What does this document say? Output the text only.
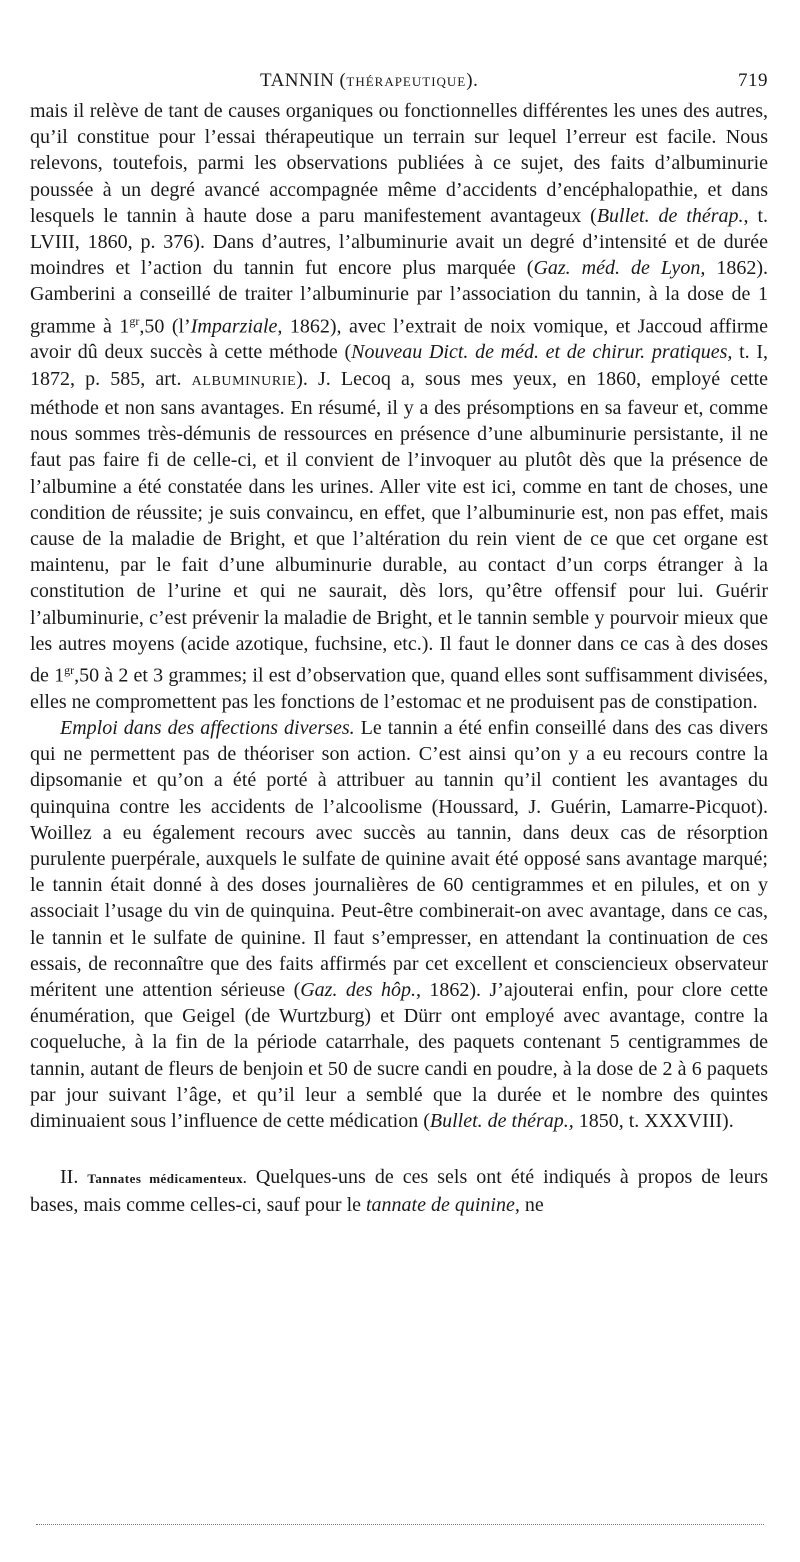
TANNIN (THÉRAPEUTIQUE).	719

mais il relève de tant de causes organiques ou fonctionnelles différentes les unes des autres, qu’il constitue pour l’essai thérapeutique un terrain sur lequel l’erreur est facile. Nous relevons, toutefois, parmi les observations publiées à ce sujet, des faits d’albuminurie poussée à un degré avancé accompagnée même d’accidents d’encéphalopathie, et dans lesquels le tannin à haute dose a paru manifestement avantageux (Bullet. de thérap., t. LVIII, 1860, p. 376). Dans d’autres, l’albuminurie avait un degré d’intensité et de durée moindres et l’action du tannin fut encore plus marquée (Gaz. méd. de Lyon, 1862). Gamberini a conseillé de traiter l’albuminurie par l’association du tannin, à la dose de 1 gramme à $1^{gr},50$ (l’Imparziale, 1862), avec l’extrait de noix vomique, et Jaccoud affirme avoir dû deux succès à cette méthode (Nouveau Dict. de méd. et de chirur. pratiques, t. I, 1872, p. 585, art. ALBUMINURIE). J. Lecoq a, sous mes yeux, en 1860, employé cette méthode et non sans avantages. En résumé, il y a des présomptions en sa faveur et, comme nous sommes très-démunis de ressources en présence d’une albuminurie persistante, il ne faut pas faire fi de celle-ci, et il convient de l’invoquer au plutôt dès que la présence de l’albumine a été constatée dans les urines. Aller vite est ici, comme en tant de choses, une condition de réussite; je suis convaincu, en effet, que l’albuminurie est, non pas effet, mais cause de la maladie de Bright, et que l’altération du rein vient de ce que cet organe est maintenu, par le fait d’une albuminurie durable, au contact d’un corps étranger à la constitution de l’urine et qui ne saurait, dès lors, qu’être offensif pour lui. Guérir l’albuminurie, c’est prévenir la maladie de Bright, et le tannin semble y pourvoir mieux que les autres moyens (acide azotique, fuchsine, etc.). Il faut le donner dans ce cas à des doses de $1^{gr},50$ à 2 et 3 grammes; il est d’observation que, quand elles sont suffisamment divisées, elles ne compromettent pas les fonctions de l’estomac et ne produisent pas de constipation.

Emploi dans des affections diverses. Le tannin a été enfin conseillé dans des cas divers qui ne permettent pas de théoriser son action. C’est ainsi qu’on y a eu recours contre la dipsomanie et qu’on a été porté à attribuer au tannin qu’il contient les avantages du quinquina contre les accidents de l’alcoolisme (Houssard, J. Guérin, Lamarre-Picquot). Woillez a eu également recours avec succès au tannin, dans deux cas de résorption purulente puerpérale, auxquels le sulfate de quinine avait été opposé sans avantage marqué; le tannin était donné à des doses journalières de 60 centigrammes et en pilules, et on y associait l’usage du vin de quinquina. Peut-être combinerait-on avec avantage, dans ce cas, le tannin et le sulfate de quinine. Il faut s’empresser, en attendant la continuation de ces essais, de reconnaître que des faits affirmés par cet excellent et consciencieux observateur méritent une attention sérieuse (Gaz. des hôp., 1862). J’ajouterai enfin, pour clore cette énumération, que Geigel (de Wurtzburg) et Dürr ont employé avec avantage, contre la coqueluche, à la fin de la période catarrhale, des paquets contenant 5 centigrammes de tannin, autant de fleurs de benjoin et 50 de sucre candi en poudre, à la dose de 2 à 6 paquets par jour suivant l’âge, et qu’il leur a semblé que la durée et le nombre des quintes diminuaient sous l’influence de cette médication (Bullet. de thérap., 1850, t. XXXVIII).

II. Tannates médicamenteux. Quelques-uns de ces sels ont été indiqués à propos de leurs bases, mais comme celles-ci, sauf pour le tannate de quinine, ne
